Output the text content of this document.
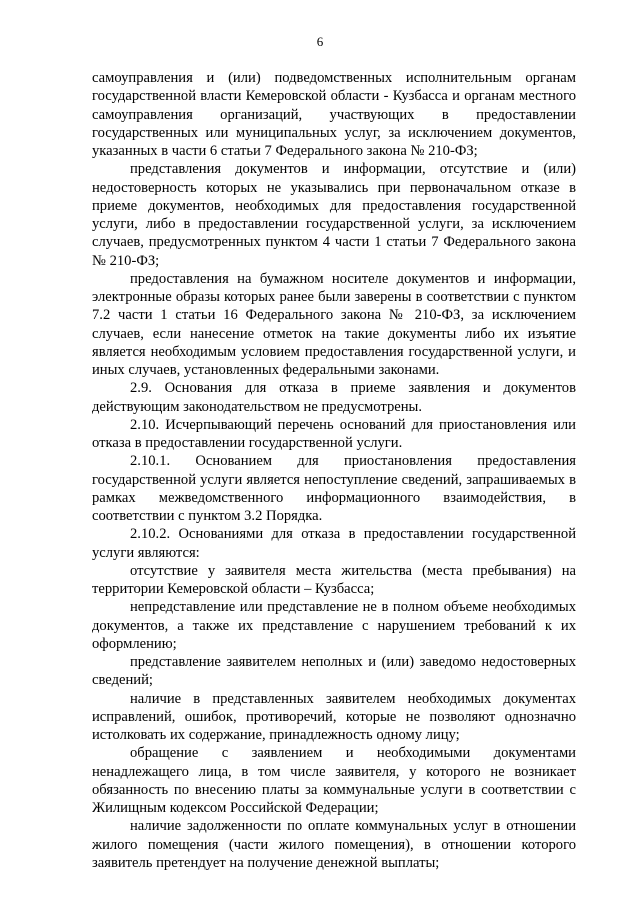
6

самоуправления и (или) подведомственных исполнительным органам государственной власти Кемеровской области - Кузбасса и органам местного самоуправления организаций, участвующих в предоставлении государственных или муниципальных услуг, за исключением документов, указанных в части 6 статьи 7 Федерального закона № 210-ФЗ;

представления документов и информации, отсутствие и (или) недостоверность которых не указывались при первоначальном отказе в приеме документов, необходимых для предоставления государственной услуги, либо в предоставлении государственной услуги, за исключением случаев, предусмотренных пунктом 4 части 1 статьи 7 Федерального закона № 210-ФЗ;

предоставления на бумажном носителе документов и информации, электронные образы которых ранее были заверены в соответствии с пунктом 7.2 части 1 статьи 16 Федерального закона № 210-ФЗ, за исключением случаев, если нанесение отметок на такие документы либо их изъятие является необходимым условием предоставления государственной услуги, и иных случаев, установленных федеральными законами.

2.9. Основания для отказа в приеме заявления и документов действующим законодательством не предусмотрены.

2.10. Исчерпывающий перечень оснований для приостановления или отказа в предоставлении государственной услуги.

2.10.1. Основанием для приостановления предоставления государственной услуги является непоступление сведений, запрашиваемых в рамках межведомственного информационного взаимодействия, в соответствии с пунктом 3.2 Порядка.

2.10.2. Основаниями для отказа в предоставлении государственной услуги являются:

отсутствие у заявителя места жительства (места пребывания) на территории Кемеровской области – Кузбасса;

непредставление или представление не в полном объеме необходимых документов, а также их представление с нарушением требований к их оформлению;

представление заявителем неполных и (или) заведомо недостоверных сведений;

наличие в представленных заявителем необходимых документах исправлений, ошибок, противоречий, которые не позволяют однозначно истолковать их содержание, принадлежность одному лицу;

обращение с заявлением и необходимыми документами ненадлежащего лица, в том числе заявителя, у которого не возникает обязанность по внесению платы за коммунальные услуги в соответствии с Жилищным кодексом Российской Федерации;

наличие задолженности по оплате коммунальных услуг в отношении жилого помещения (части жилого помещения), в отношении которого заявитель претендует на получение денежной выплаты;
